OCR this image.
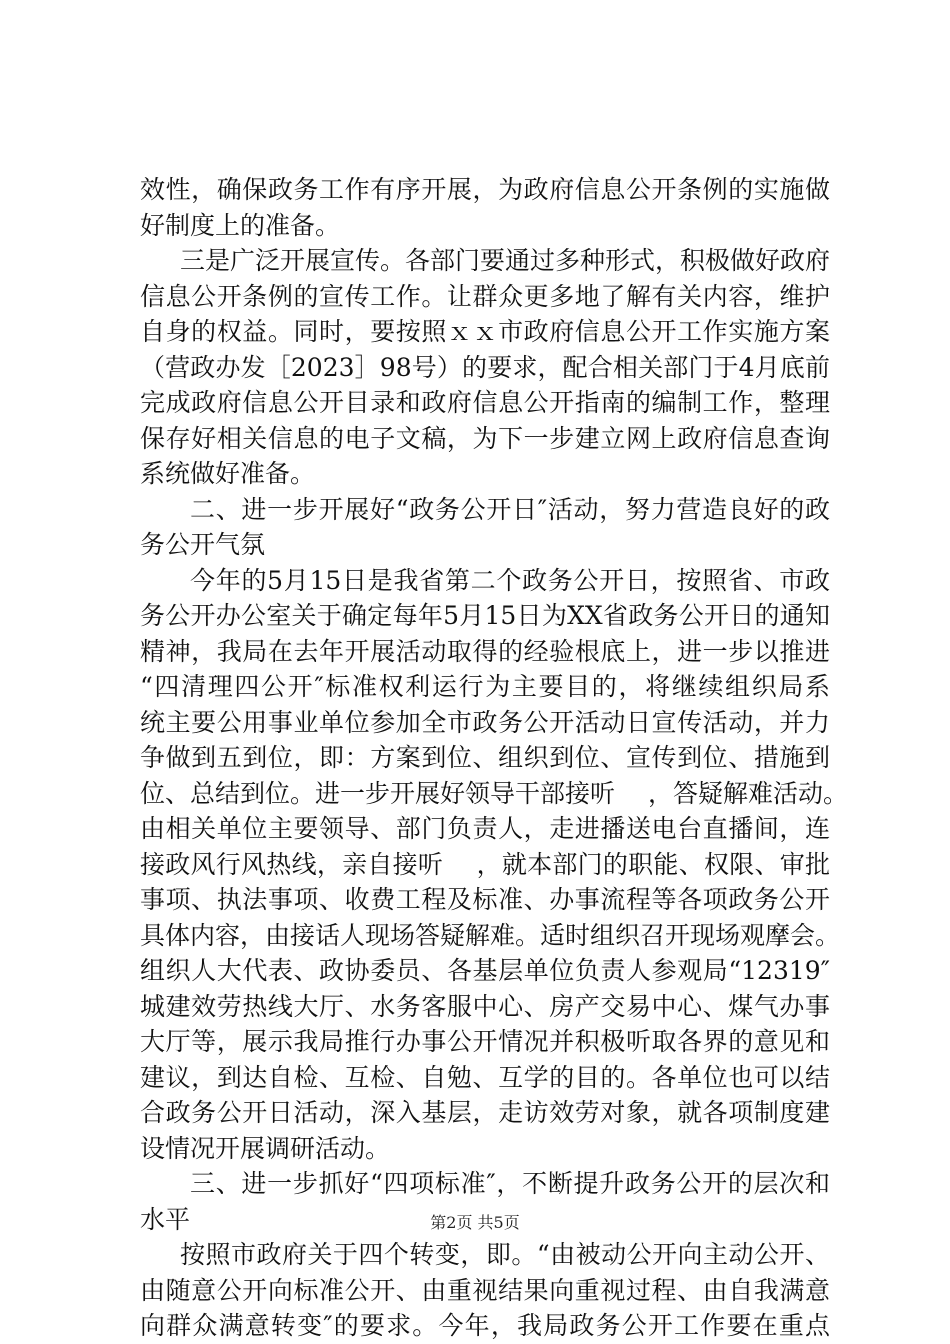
效性，确保政务工作有序开展，为政府信息公开条例的实施做
好制度上的准备。
三是广泛开展宣传。各部门要通过多种形式，积极做好政府
信息公开条例的宣传工作。让群众更多地了解有关内容，维护
自身的权益。同时，要按照ｘｘ市政府信息公开工作实施方案
（营政办发［2023］98号）的要求，配合相关部门于4月底前
完成政府信息公开目录和政府信息公开指南的编制工作，整理
保存好相关信息的电子文稿，为下一步建立网上政府信息查询
系统做好准备。
二、进一步开展好“政务公开日″活动，努力营造良好的政
务公开气氛
今年的5月15日是我省第二个政务公开日，按照省、市政
务公开办公室关于确定每年5月15日为XX省政务公开日的通知
精神，我局在去年开展活动取得的经验根底上，进一步以推进
“四清理四公开″标准权利运行为主要目的，将继续组织局系
统主要公用事业单位参加全市政务公开活动日宣传活动，并力
争做到五到位，即：方案到位、组织到位、宣传到位、措施到
位、总结到位。进一步开展好领导干部接听　 ，答疑解难活动。
由相关单位主要领导、部门负责人，走进播送电台直播间，连
接政风行风热线，亲自接听　 ，就本部门的职能、权限、审批
事项、执法事项、收费工程及标准、办事流程等各项政务公开
具体内容，由接话人现场答疑解难。适时组织召开现场观摩会。
组织人大代表、政协委员、各基层单位负责人参观局“12319″
城建效劳热线大厅、水务客服中心、房产交易中心、煤气办事
大厅等，展示我局推行办事公开情况并积极听取各界的意见和
建议，到达自检、互检、自勉、互学的目的。各单位也可以结
合政务公开日活动，深入基层，走访效劳对象，就各项制度建
设情况开展调研活动。
三、进一步抓好“四项标准″，不断提升政务公开的层次和
水平
按照市政府关于四个转变，即。“由被动公开向主动公开、
由随意公开向标准公开、由重视结果向重视过程、由自我满意
向群众满意转变″的要求。今年，我局政务公开工作要在重点
第2页 共5页
